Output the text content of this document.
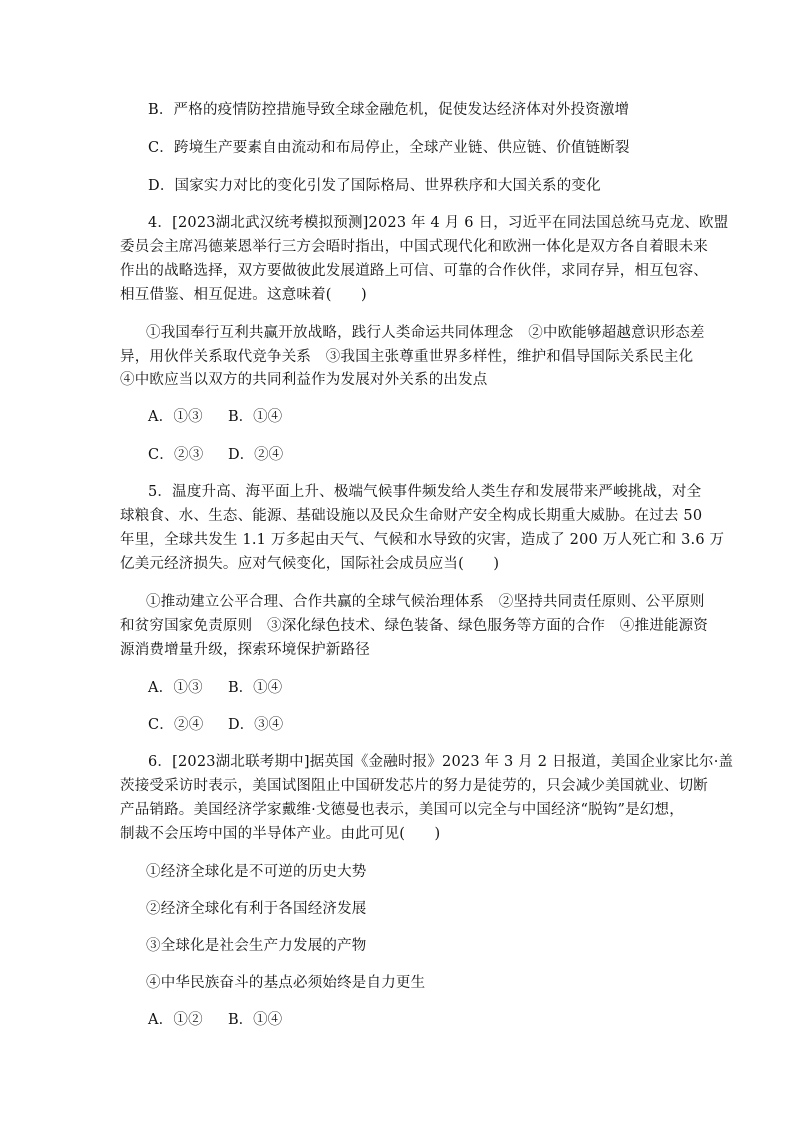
B．严格的疫情防控措施导致全球金融危机，促使发达经济体对外投资激增
C．跨境生产要素自由流动和布局停止，全球产业链、供应链、价值链断裂
D．国家实力对比的变化引发了国际格局、世界秩序和大国关系的变化
4．[2023湖北武汉统考模拟预测]2023 年 4 月 6 日，习近平在同法国总统马克龙、欧盟
委员会主席冯德莱恩举行三方会晤时指出，中国式现代化和欧洲一体化是双方各自着眼未来
作出的战略选择，双方要做彼此发展道路上可信、可靠的合作伙伴，求同存异，相互包容、
相互借鉴、相互促进。这意味着(　　)
①我国奉行互利共赢开放战略，践行人类命运共同体理念　②中欧能够超越意识形态差
异，用伙伴关系取代竞争关系　③我国主张尊重世界多样性，维护和倡导国际关系民主化
④中欧应当以双方的共同利益作为发展对外关系的出发点
A．①③ B．①④
C．②③ D．②④
5．温度升高、海平面上升、极端气候事件频发给人类生存和发展带来严峻挑战，对全
球粮食、水、生态、能源、基础设施以及民众生命财产安全构成长期重大威胁。在过去 50
年里，全球共发生 1.1 万多起由天气、气候和水导致的灾害，造成了 200 万人死亡和 3.6 万
亿美元经济损失。应对气候变化，国际社会成员应当(　　)
①推动建立公平合理、合作共赢的全球气候治理体系　②坚持共同责任原则、公平原则
和贫穷国家免责原则　③深化绿色技术、绿色装备、绿色服务等方面的合作　④推进能源资
源消费增量升级，探索环境保护新路径
A．①③ B．①④
C．②④ D．③④
6．[2023湖北联考期中]据英国《金融时报》2023 年 3 月 2 日报道，美国企业家比尔·盖
茨接受采访时表示，美国试图阻止中国研发芯片的努力是徒劳的，只会减少美国就业、切断
产品销路。美国经济学家戴维·戈德曼也表示，美国可以完全与中国经济“脱钩”是幻想，
制裁不会压垮中国的半导体产业。由此可见(　　)
①经济全球化是不可逆的历史大势
②经济全球化有利于各国经济发展
③全球化是社会生产力发展的产物
④中华民族奋斗的基点必须始终是自力更生
A．①② B．①④
